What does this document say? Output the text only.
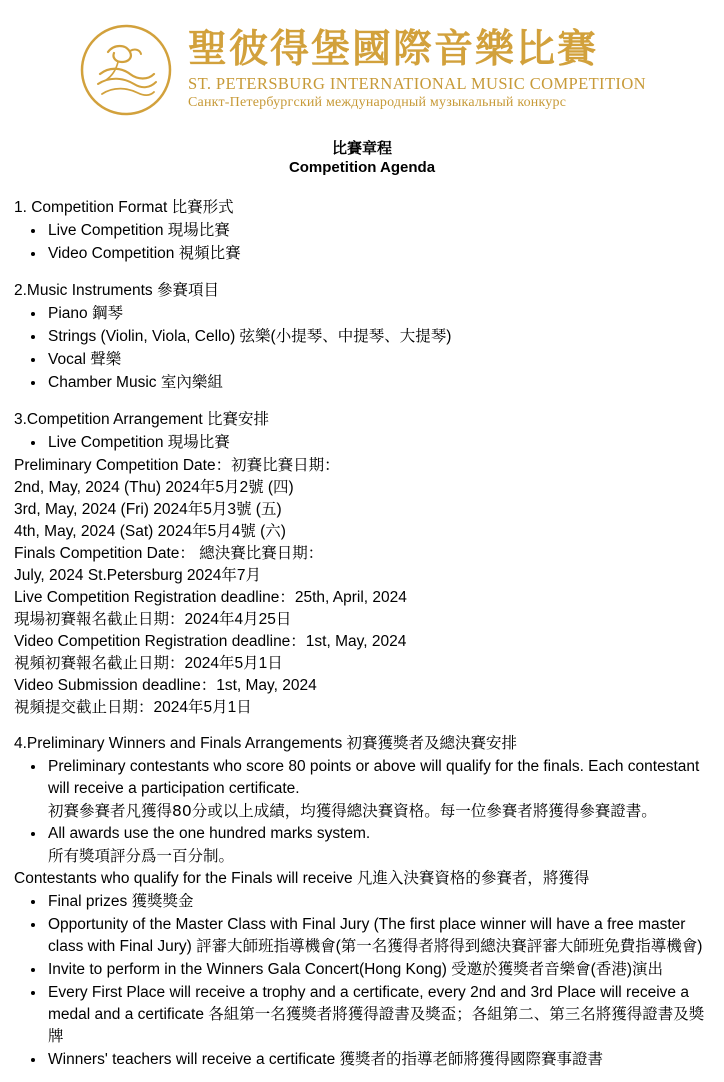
聖彼得堡國際音樂比賽
ST. PETERSBURG INTERNATIONAL MUSIC COMPETITION
Санкт-Петербургский международный музыкальный конкурс
比賽章程
Competition Agenda

1. Competition Format 比賽形式

• Live Competition 現場比賽
• Video Competition 視頻比賽

2.Music Instruments 參賽項目

• Piano 鋼琴
• Strings (Violin, Viola, Cello) 弦樂(小提琴、中提琴、大提琴)
• Vocal 聲樂
• Chamber Music 室內樂組

3.Competition Arrangement 比賽安排

• Live Competition 現場比賽

Preliminary Competition Date：初賽比賽日期：

2nd, May, 2024 (Thu) 2024年5月2號 (四)

3rd, May, 2024 (Fri) 2024年5月3號 (五)

4th, May, 2024 (Sat) 2024年5月4號 (六)

Finals Competition Date： 總決賽比賽日期：

July, 2024 St.Petersburg 2024年7月

Live Competition Registration deadline：25th, April, 2024

現場初賽報名截止日期：2024年4月25日

Video Competition Registration deadline：1st, May, 2024

視頻初賽報名截止日期：2024年5月1日

Video Submission deadline：1st, May, 2024

視頻提交截止日期：2024年5月1日

4.Preliminary Winners and Finals Arrangements 初賽獲獎者及總決賽安排

• Preliminary contestants who score 80 points or above will qualify for the finals. Each contestant will receive a participation certificate.
初賽參賽者凡獲得80分或以上成績，均獲得總決賽資格。每一位參賽者將獲得參賽證書。
• All awards use the one hundred marks system.
所有獎項評分爲一百分制。

Contestants who qualify for the Finals will receive 凡進入決賽資格的參賽者，將獲得

• Final prizes 獲獎獎金
• Opportunity of the Master Class with Final Jury (The first place winner will have a free master class with Final Jury) 評審大師班指導機會(第一名獲得者將得到總決賽評審大師班免費指導機會)
• Invite to perform in the Winners Gala Concert(Hong Kong) 受邀於獲獎者音樂會(香港)演出
• Every First Place will receive a trophy and a certificate, every 2nd and 3rd Place will receive a medal and a certificate 各組第一名獲獎者將獲得證書及獎盃；各組第二、第三名將獲得證書及獎牌
• Winners' teachers will receive a certificate 獲獎者的指導老師將獲得國際賽事證書
